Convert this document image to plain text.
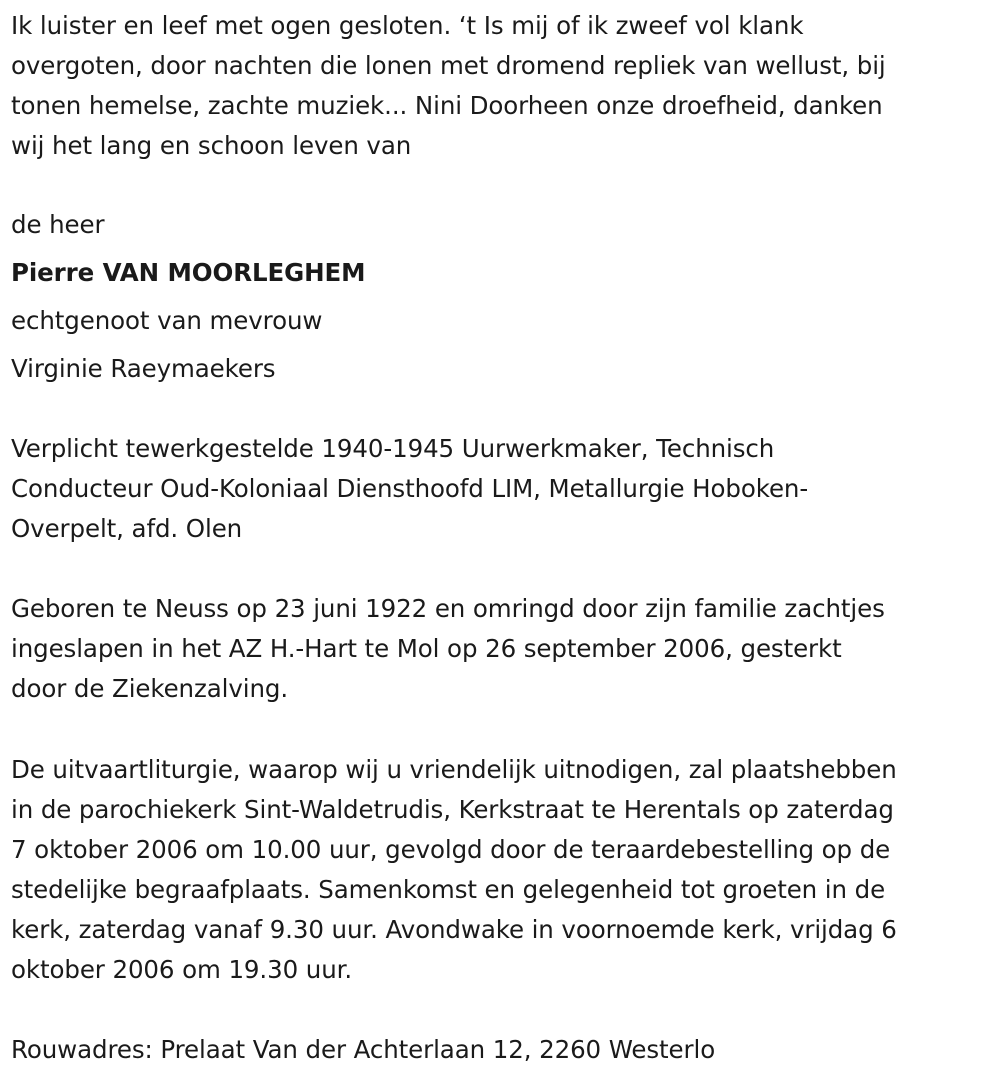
Ik luister en leef met ogen gesloten. ‘t Is mij of ik zweef vol klank
overgoten, door nachten die lonen met dromend repliek van wellust, bij
tonen hemelse, zachte muziek... Nini Doorheen onze droefheid, danken
wij het lang en schoon leven van

de heer

Pierre VAN MOORLEGHEM

echtgenoot van mevrouw

Virginie Raeymaekers

Verplicht tewerkgestelde 1940-1945 Uurwerkmaker, Technisch
Conducteur Oud-Koloniaal Diensthoofd LIM, Metallurgie Hoboken-
Overpelt, afd. Olen

Geboren te Neuss op 23 juni 1922 en omringd door zijn familie zachtjes
ingeslapen in het AZ H.-Hart te Mol op 26 september 2006, gesterkt
door de Ziekenzalving.

De uitvaartliturgie, waarop wij u vriendelijk uitnodigen, zal plaatshebben
in de parochiekerk Sint-Waldetrudis, Kerkstraat te Herentals op zaterdag
7 oktober 2006 om 10.00 uur, gevolgd door de teraardebestelling op de
stedelijke begraafplaats. Samenkomst en gelegenheid tot groeten in de
kerk, zaterdag vanaf 9.30 uur. Avondwake in voornoemde kerk, vrijdag 6
oktober 2006 om 19.30 uur.

Rouwadres: Prelaat Van der Achterlaan 12, 2260 Westerlo
